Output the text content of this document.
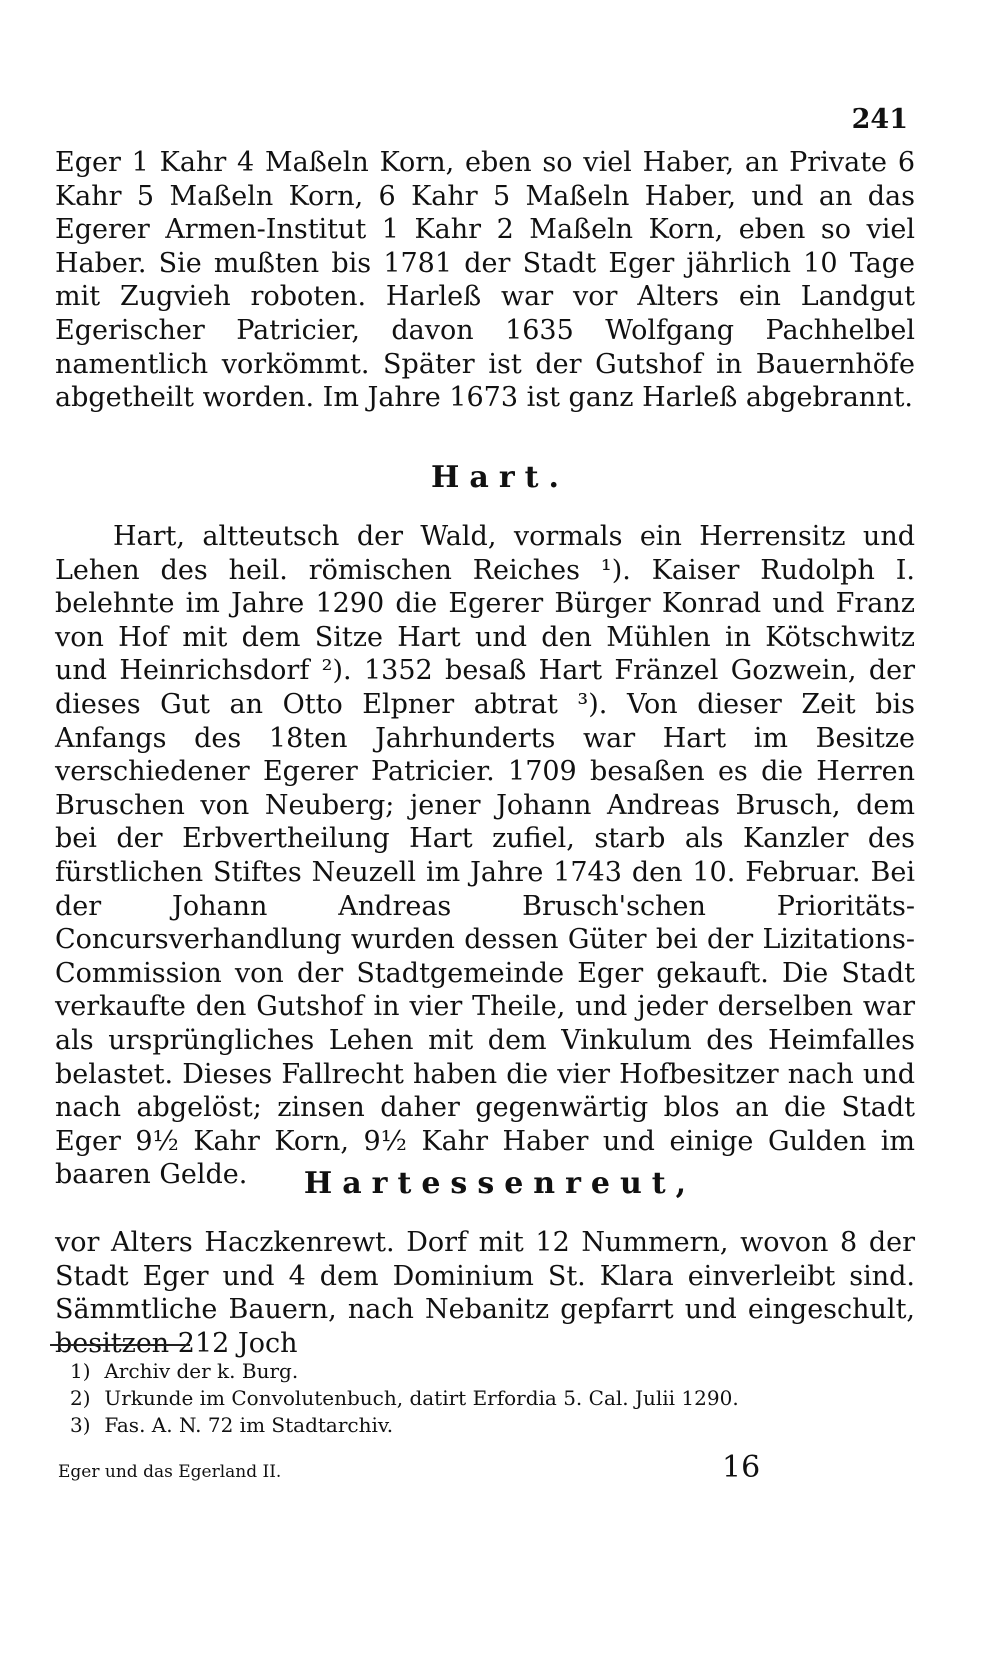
241

Eger 1 Kahr 4 Maßeln Korn, eben so viel Haber, an Private 6 Kahr 5 Maßeln Korn, 6 Kahr 5 Maßeln Haber, und an das Egerer Armen-Institut 1 Kahr 2 Maßeln Korn, eben so viel Haber. Sie mußten bis 1781 der Stadt Eger jährlich 10 Tage mit Zugvieh roboten. Harleß war vor Alters ein Landgut Egerischer Patricier, davon 1635 Wolfgang Pachhelbel namentlich vorkömmt. Später ist der Gutshof in Bauernhöfe abgetheilt worden. Im Jahre 1673 ist ganz Harleß abgebrannt.

Hart.

Hart, altteutsch der Wald, vormals ein Herrensitz und Lehen des heil. römischen Reiches ¹). Kaiser Rudolph I. belehnte im Jahre 1290 die Egerer Bürger Konrad und Franz von Hof mit dem Sitze Hart und den Mühlen in Kötschwitz und Heinrichsdorf ²). 1352 besaß Hart Fränzel Gozwein, der dieses Gut an Otto Elpner abtrat ³). Von dieser Zeit bis Anfangs des 18ten Jahrhunderts war Hart im Besitze verschiedener Egerer Patricier. 1709 besaßen es die Herren Bruschen von Neuberg; jener Johann Andreas Brusch, dem bei der Erbvertheilung Hart zufiel, starb als Kanzler des fürstlichen Stiftes Neuzell im Jahre 1743 den 10. Februar. Bei der Johann Andreas Brusch'schen Prioritäts-Concursverhandlung wurden dessen Güter bei der Lizitations-Commission von der Stadtgemeinde Eger gekauft. Die Stadt verkaufte den Gutshof in vier Theile, und jeder derselben war als ursprüngliches Lehen mit dem Vinkulum des Heimfalles belastet. Dieses Fallrecht haben die vier Hofbesitzer nach und nach abgelöst; zinsen daher gegenwärtig blos an die Stadt Eger 9½ Kahr Korn, 9½ Kahr Haber und einige Gulden im baaren Gelde.	Hartessenreut,

vor Alters Haczkenrewt. Dorf mit 12 Nummern, wovon 8 der Stadt Eger und 4 dem Dominium St. Klara einverleibt sind. Sämmtliche Bauern, nach Nebanitz gepfarrt und eingeschult, besitzen 212 Joch

1) Archiv der k. Burg.
2) Urkunde im Convolutenbuch, datirt Erfordia 5. Cal. Julii 1290.
3) Fas. A. N. 72 im Stadtarchiv.
Eger und das Egerland II.	16
